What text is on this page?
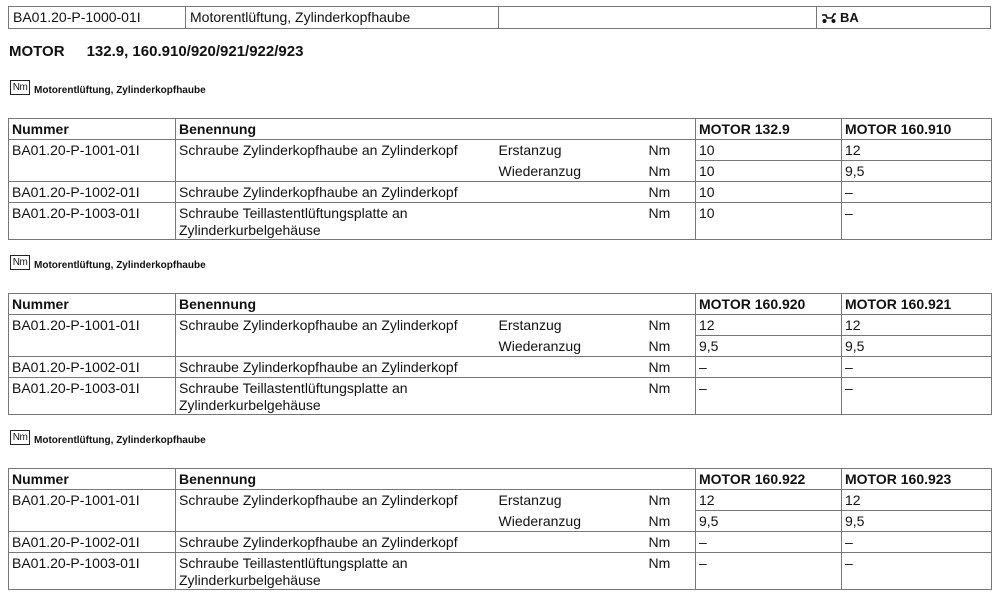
BA01.20-P-1000-01I	Motorentlüftung, Zylinderkopfhaube	BA
MOTOR 132.9, 160.910/920/921/922/923
Nm Motorentlüftung, Zylinderkopfhaube
Nummer	Benennung			MOTOR 132.9	MOTOR 160.910
BA01.20-P-1001-01I	Schraube Zylinderkopfhaube an Zylinderkopf	Erstanzug	Nm	10	12
		Wiederanzug	Nm	10	9,5
BA01.20-P-1002-01I	Schraube Zylinderkopfhaube an Zylinderkopf		Nm	10	–
BA01.20-P-1003-01I	Schraube Teillastentlüftungsplatte an
Zylinderkurbelgehäuse		Nm	10	–
Nm Motorentlüftung, Zylinderkopfhaube
Nummer	Benennung			MOTOR 160.920	MOTOR 160.921
BA01.20-P-1001-01I	Schraube Zylinderkopfhaube an Zylinderkopf	Erstanzug	Nm	12	12
		Wiederanzug	Nm	9,5	9,5
BA01.20-P-1002-01I	Schraube Zylinderkopfhaube an Zylinderkopf		Nm	–	–
BA01.20-P-1003-01I	Schraube Teillastentlüftungsplatte an
Zylinderkurbelgehäuse		Nm	–	–
Nm Motorentlüftung, Zylinderkopfhaube
Nummer	Benennung			MOTOR 160.922	MOTOR 160.923
BA01.20-P-1001-01I	Schraube Zylinderkopfhaube an Zylinderkopf	Erstanzug	Nm	12	12
		Wiederanzug	Nm	9,5	9,5
BA01.20-P-1002-01I	Schraube Zylinderkopfhaube an Zylinderkopf		Nm	–	–
BA01.20-P-1003-01I	Schraube Teillastentlüftungsplatte an
Zylinderkurbelgehäuse		Nm	–	–
